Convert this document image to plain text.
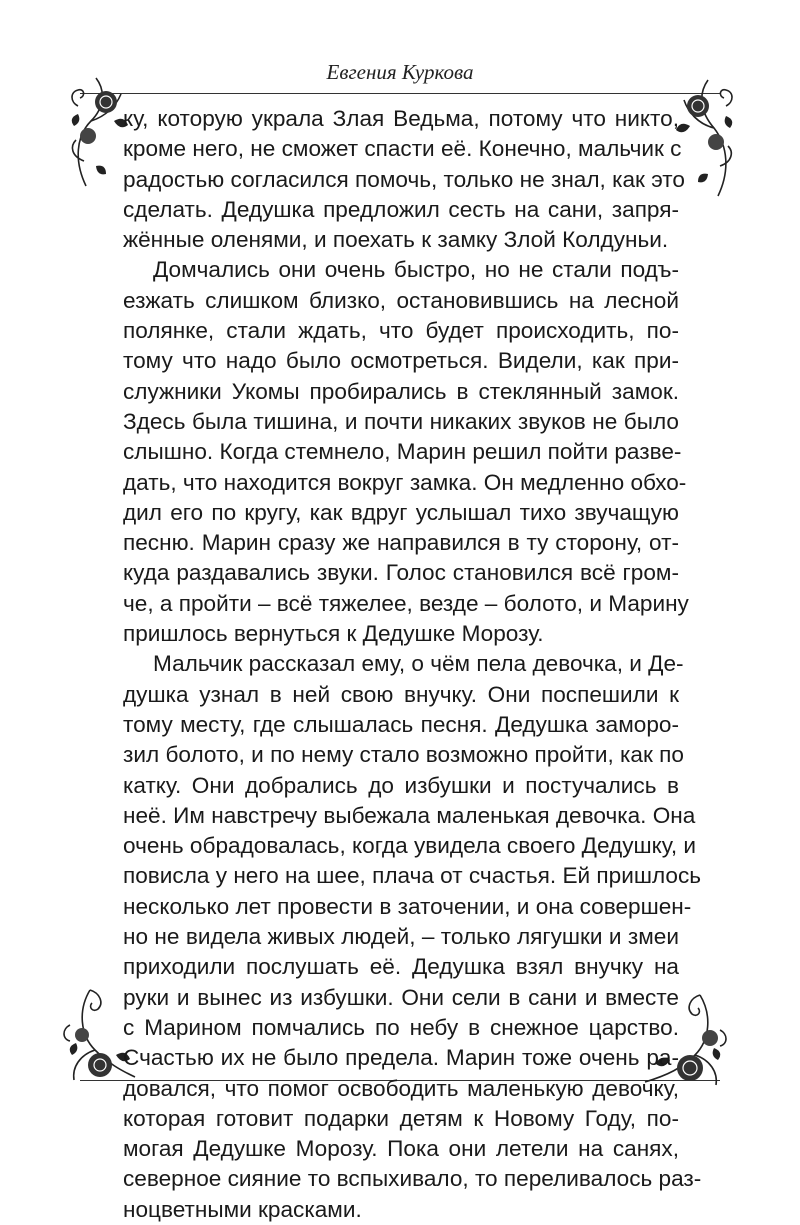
Евгения Куркова
ку, которую украла Злая Ведьма, потому что никто,
кроме него, не сможет спасти её. Конечно, мальчик с
радостью согласился помочь, только не знал, как это
сделать. Дедушка предложил сесть на сани, запря-
жённые оленями, и поехать к замку Злой Колдуньи.
Домчались они очень быстро, но не стали подъ-
езжать слишком близко, остановившись на лесной
полянке, стали ждать, что будет происходить, по-
тому что надо было осмотреться. Видели, как при-
служники Укомы пробирались в стеклянный замок.
Здесь была тишина, и почти никаких звуков не было
слышно. Когда стемнело, Марин решил пойти разве-
дать, что находится вокруг замка. Он медленно обхо-
дил его по кругу, как вдруг услышал тихо звучащую
песню. Марин сразу же направился в ту сторону, от-
куда раздавались звуки. Голос становился всё гром-
че, а пройти – всё тяжелее, везде – болото, и Марину
пришлось вернуться к Дедушке Морозу.
Мальчик рассказал ему, о чём пела девочка, и Де-
душка узнал в ней свою внучку. Они поспешили к
тому месту, где слышалась песня. Дедушка заморо-
зил болото, и по нему стало возможно пройти, как по
катку. Они добрались до избушки и постучались в
неё. Им навстречу выбежала маленькая девочка. Она
очень обрадовалась, когда увидела своего Дедушку, и
повисла у него на шее, плача от счастья. Ей пришлось
несколько лет провести в заточении, и она совершен-
но не видела живых людей, – только лягушки и змеи
приходили послушать её. Дедушка взял внучку на
руки и вынес из избушки. Они сели в сани и вместе
с Марином помчались по небу в снежное царство.
Счастью их не было предела. Марин тоже очень ра-
довался, что помог освободить маленькую девочку,
которая готовит подарки детям к Новому Году, по-
могая Дедушке Морозу. Пока они летели на санях,
северное сияние то вспыхивало, то переливалось раз-
ноцветными красками.
